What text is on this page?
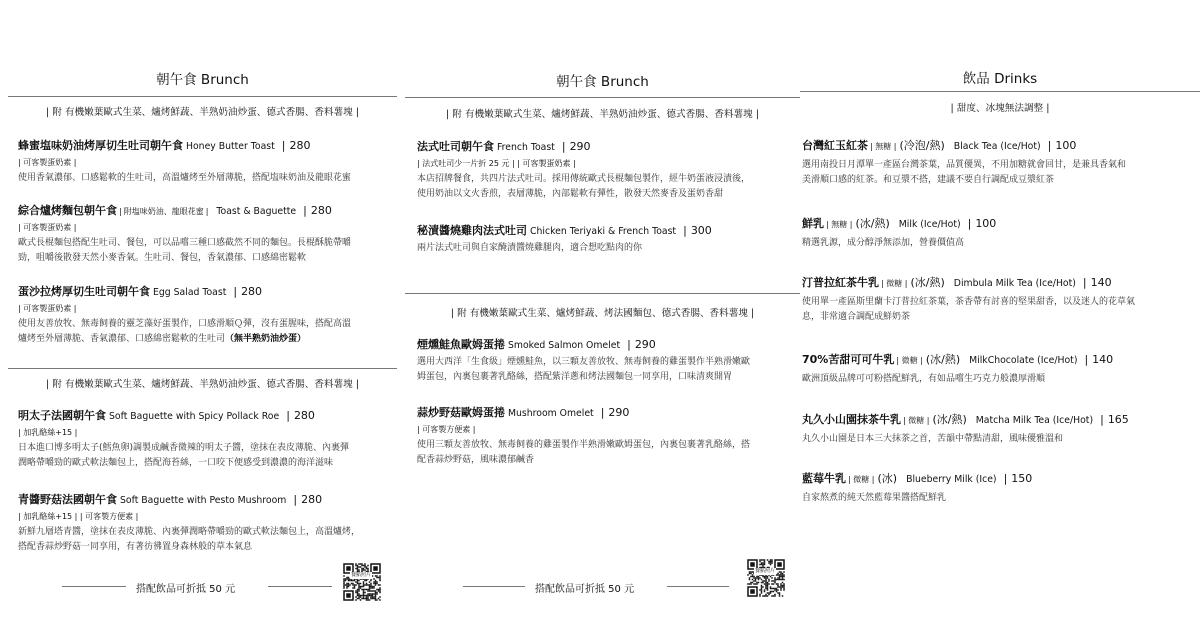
朝午食 Brunch
| 附 有機嫩葉歐式生菜、爐烤鮮蔬、半熟奶油炒蛋、德式香腸、香料薯塊 |
蜂蜜塩味奶油烤厚切生吐司朝午食 Honey Butter Toast | 280
| 可客製蛋奶素 |
使用香氣濃郁、口感鬆軟的生吐司，高溫爐烤至外層薄脆，搭配塩味奶油及龍眼花蜜
綜合爐烤麵包朝午食 | 附塩味奶油、龍眼花蜜 | Toast & Baguette | 280
| 可客製蛋奶素 |
歐式長棍麵包搭配生吐司、餐包，可以品嚐三種口感截然不同的麵包。長棍酥脆帶嚼
勁，咀嚼後散發天然小麥香氣。生吐司、餐包，香氣濃郁、口感綿密鬆軟
蛋沙拉烤厚切生吐司朝午食 Egg Salad Toast | 280
| 可客製蛋奶素 |
使用友善放牧、無毒飼養的靈芝藻好蛋製作，口感滑順Ｑ彈，沒有蛋腥味，搭配高溫
爐烤至外層薄脆、香氣濃郁、口感綿密鬆軟的生吐司（無半熟奶油炒蛋）
| 附 有機嫩葉歐式生菜、爐烤鮮蔬、半熟奶油炒蛋、德式香腸、香料薯塊 |
明太子法國朝午食 Soft Baguette with Spicy Pollack Roe | 280
| 加乳酪絲+15 |
日本進口博多明太子(鱈魚卵)調製成鹹香微辣的明太子醬，塗抹在表皮薄脆、內裏彈
潤略帶嚼勁的歐式軟法麵包上，搭配海苔絲，一口咬下便感受到濃濃的海洋滋味
青醬野菇法國朝午食 Soft Baguette with Pesto Mushroom | 280
| 加乳酪絲+15 | | 可客製方便素 |
新鮮九層塔青醬，塗抹在表皮薄脆、內裏彈潤略帶嚼勁的歐式軟法麵包上，高溫爐烤，
搭配香蒜炒野菇一同享用，有著彷彿置身森林般的草本氣息
搭配飲品可折抵 50 元
餐點照片
朝午食 Brunch
| 附 有機嫩葉歐式生菜、爐烤鮮蔬、半熟奶油炒蛋、德式香腸、香料薯塊 |
法式吐司朝午食 French Toast | 290
| 法式吐司少一片折 25 元 | | 可客製蛋奶素 |
本店招牌餐食，共四片法式吐司。採用傳統歐式長棍麵包製作，經牛奶蛋液浸漬後，
使用奶油以文火香煎，表層薄脆，內部鬆軟有彈性，散發天然麥香及蛋奶香甜
秘漬醬燒雞肉法式吐司 Chicken Teriyaki & French Toast | 300
兩片法式吐司與自家醃漬醬燒雞腿肉，適合想吃點肉的你
| 附 有機嫩葉歐式生菜、爐烤鮮蔬、烤法國麵包、德式香腸、香料薯塊 |
煙燻鮭魚歐姆蛋捲 Smoked Salmon Omelet | 290
選用大西洋「生食級」煙燻鮭魚，以三顆友善放牧、無毒飼養的雞蛋製作半熟滑嫩歐
姆蛋包，內裏包裹著乳酪絲，搭配紫洋蔥和烤法國麵包一同享用，口味清爽開胃
蒜炒野菇歐姆蛋捲 Mushroom Omelet | 290
| 可客製方便素 |
使用三顆友善放牧、無毒飼養的雞蛋製作半熟滑嫩歐姆蛋包，內裏包裹著乳酪絲，搭
配香蒜炒野菇，風味濃郁鹹香
搭配飲品可折抵 50 元
餐點照片
飲品 Drinks
| 甜度、冰塊無法調整 |
台灣紅玉紅茶 | 無糖 | (冷泡/熱) Black Tea (Ice/Hot) | 100
選用南投日月潭單一產區台灣茶葉，品質優異，不用加糖就會回甘，是兼具香氣和
美滑順口感的紅茶。和豆漿不搭，建議不要自行調配成豆漿紅茶
鮮乳 | 無糖 | (冰/熱) Milk (Ice/Hot) | 100
精選乳源，成分醇淨無添加，營養價值高
汀普拉紅茶牛乳 | 微糖 | (冰/熱) Dimbula Milk Tea (Ice/Hot) | 140
使用單一產區斯里蘭卡汀普拉紅茶葉，茶香帶有討喜的堅果甜香，以及迷人的花草氣
息，非常適合調配成鮮奶茶
70%苦甜可可牛乳 | 微糖 | (冰/熱) MilkChocolate (Ice/Hot) | 140
歐洲頂級品牌可可粉搭配鮮乳，有如品嚐生巧克力般濃厚滑順
丸久小山園抹茶牛乳 | 微糖 | (冰/熱) Matcha Milk Tea (Ice/Hot) | 165
丸久小山園是日本三大抹茶之首，苦韻中帶點清甜，風味優雅溫和
藍莓牛乳 | 微糖 | (冰) Blueberry Milk (Ice) | 150
自家熬煮的純天然藍莓果醬搭配鮮乳
